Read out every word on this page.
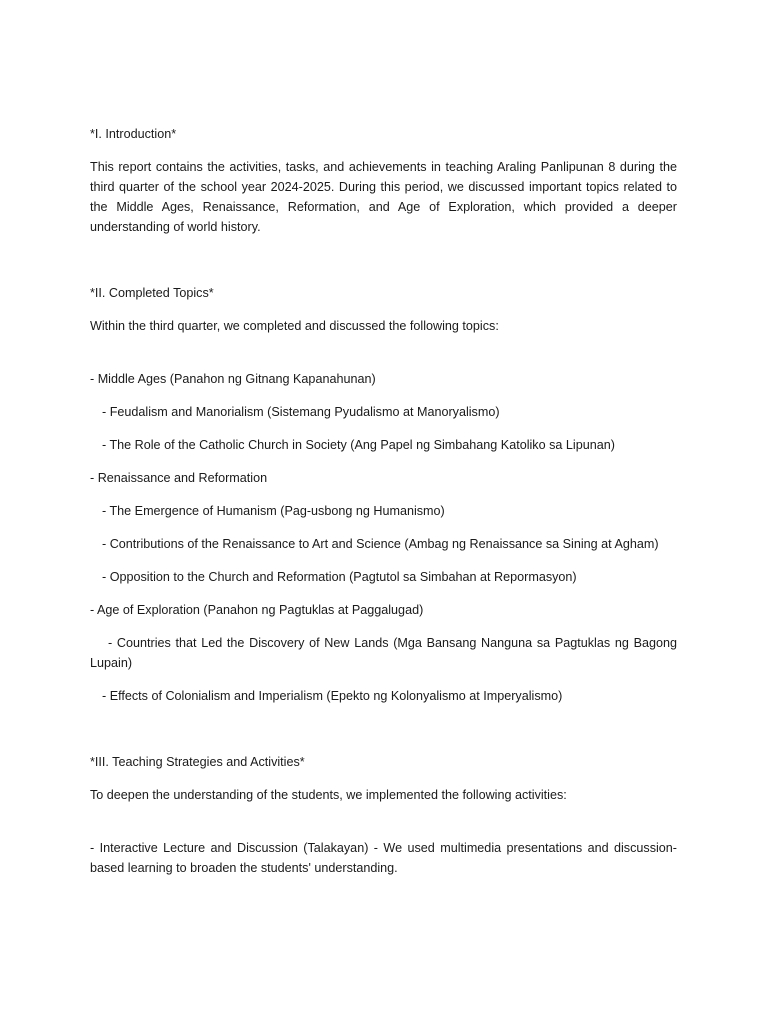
*I. Introduction*

This report contains the activities, tasks, and achievements in teaching Araling Panlipunan 8 during the third quarter of the school year 2024-2025. During this period, we discussed important topics related to the Middle Ages, Renaissance, Reformation, and Age of Exploration, which provided a deeper understanding of world history.

*II. Completed Topics*

Within the third quarter, we completed and discussed the following topics:

- Middle Ages (Panahon ng Gitnang Kapanahunan)

- Feudalism and Manorialism (Sistemang Pyudalismo at Manoryalismo)

- The Role of the Catholic Church in Society (Ang Papel ng Simbahang Katoliko sa Lipunan)

- Renaissance and Reformation

- The Emergence of Humanism (Pag-usbong ng Humanismo)

- Contributions of the Renaissance to Art and Science (Ambag ng Renaissance sa Sining at Agham)

- Opposition to the Church and Reformation (Pagtutol sa Simbahan at Repormasyon)

- Age of Exploration (Panahon ng Pagtuklas at Paggalugad)

- Countries that Led the Discovery of New Lands (Mga Bansang Nanguna sa Pagtuklas ng Bagong Lupain)

- Effects of Colonialism and Imperialism (Epekto ng Kolonyalismo at Imperyalismo)

*III. Teaching Strategies and Activities*

To deepen the understanding of the students, we implemented the following activities:

- Interactive Lecture and Discussion (Talakayan) - We used multimedia presentations and discussion-based learning to broaden the students' understanding.
